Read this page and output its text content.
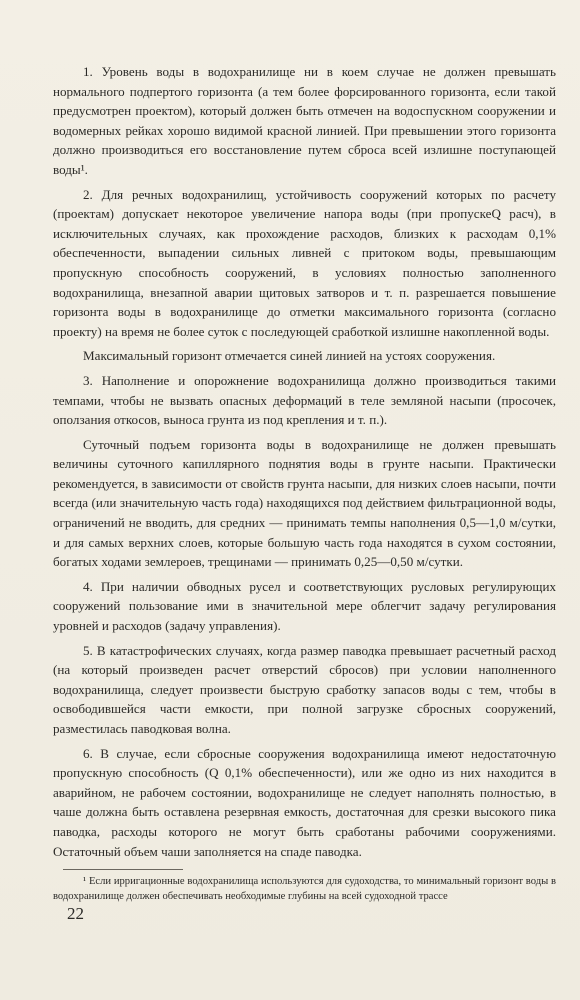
1. Уровень воды в водохранилище ни в коем случае не должен превышать нормального подпертого горизонта (а тем более форсированного горизонта, если такой предусмотрен проектом), который должен быть отмечен на водоспускном сооружении и водомерных рейках хорошо видимой красной линией. При превышении этого горизонта должно производиться его восстановление путем сброса всей излишне поступающей воды¹.

2. Для речных водохранилищ, устойчивость сооружений которых по расчету (проектам) допускает некоторое увеличение напора воды (при пропускеQ расч), в исключительных случаях, как прохождение расходов, близких к расходам 0,1% обеспеченности, выпадении сильных ливней с притоком воды, превышающим пропускную способность сооружений, в условиях полностью заполненного водохранилища, внезапной аварии щитовых затворов и т. п. разрешается повышение горизонта воды в водохранилище до отметки максимального горизонта (согласно проекту) на время не более суток с последующей сработкой излишне накопленной воды.

Максимальный горизонт отмечается синей линией на устоях сооружения.

3. Наполнение и опорожнение водохранилища должно производиться такими темпами, чтобы не вызвать опасных деформаций в теле земляной насыпи (просочек, оползания откосов, выноса грунта из под крепления и т. п.).

Суточный подъем горизонта воды в водохранилище не должен превышать величины суточного капиллярного поднятия воды в грунте насыпи. Практически рекомендуется, в зависимости от свойств грунта насыпи, для низких слоев насыпи, почти всегда (или значительную часть года) находящихся под действием фильтрационной воды, ограничений не вводить, для средних — принимать темпы наполнения 0,5—1,0 м/сутки, и для самых верхних слоев, которые большую часть года находятся в сухом состоянии, богатых ходами землероев, трещинами — принимать 0,25—0,50 м/сутки.

4. При наличии обводных русел и соответствующих русловых регулирующих сооружений пользование ими в значительной мере облегчит задачу регулирования уровней и расходов (задачу управления).

5. В катастрофических случаях, когда размер паводка превышает расчетный расход (на который произведен расчет отверстий сбросов) при условии наполненного водохранилища, следует произвести быструю сработку запасов воды с тем, чтобы в освободившейся части емкости, при полной загрузке сбросных сооружений, разместилась паводковая волна.

6. В случае, если сбросные сооружения водохранилища имеют недостаточную пропускную способность (Q 0,1% обеспеченности), или же одно из них находится в аварийном, не рабочем состоянии, водохранилище не следует наполнять полностью, в чаше должна быть оставлена резервная емкость, достаточная для срезки высокого пика паводка, расходы которого не могут быть сработаны рабочими сооружениями. Остаточный объем чаши заполняется на спаде паводка.

¹ Если ирригационные водохранилища используются для судоходства, то минимальный горизонт воды в водохранилище должен обеспечивать необходимые глубины на всей судоходной трассе

22
